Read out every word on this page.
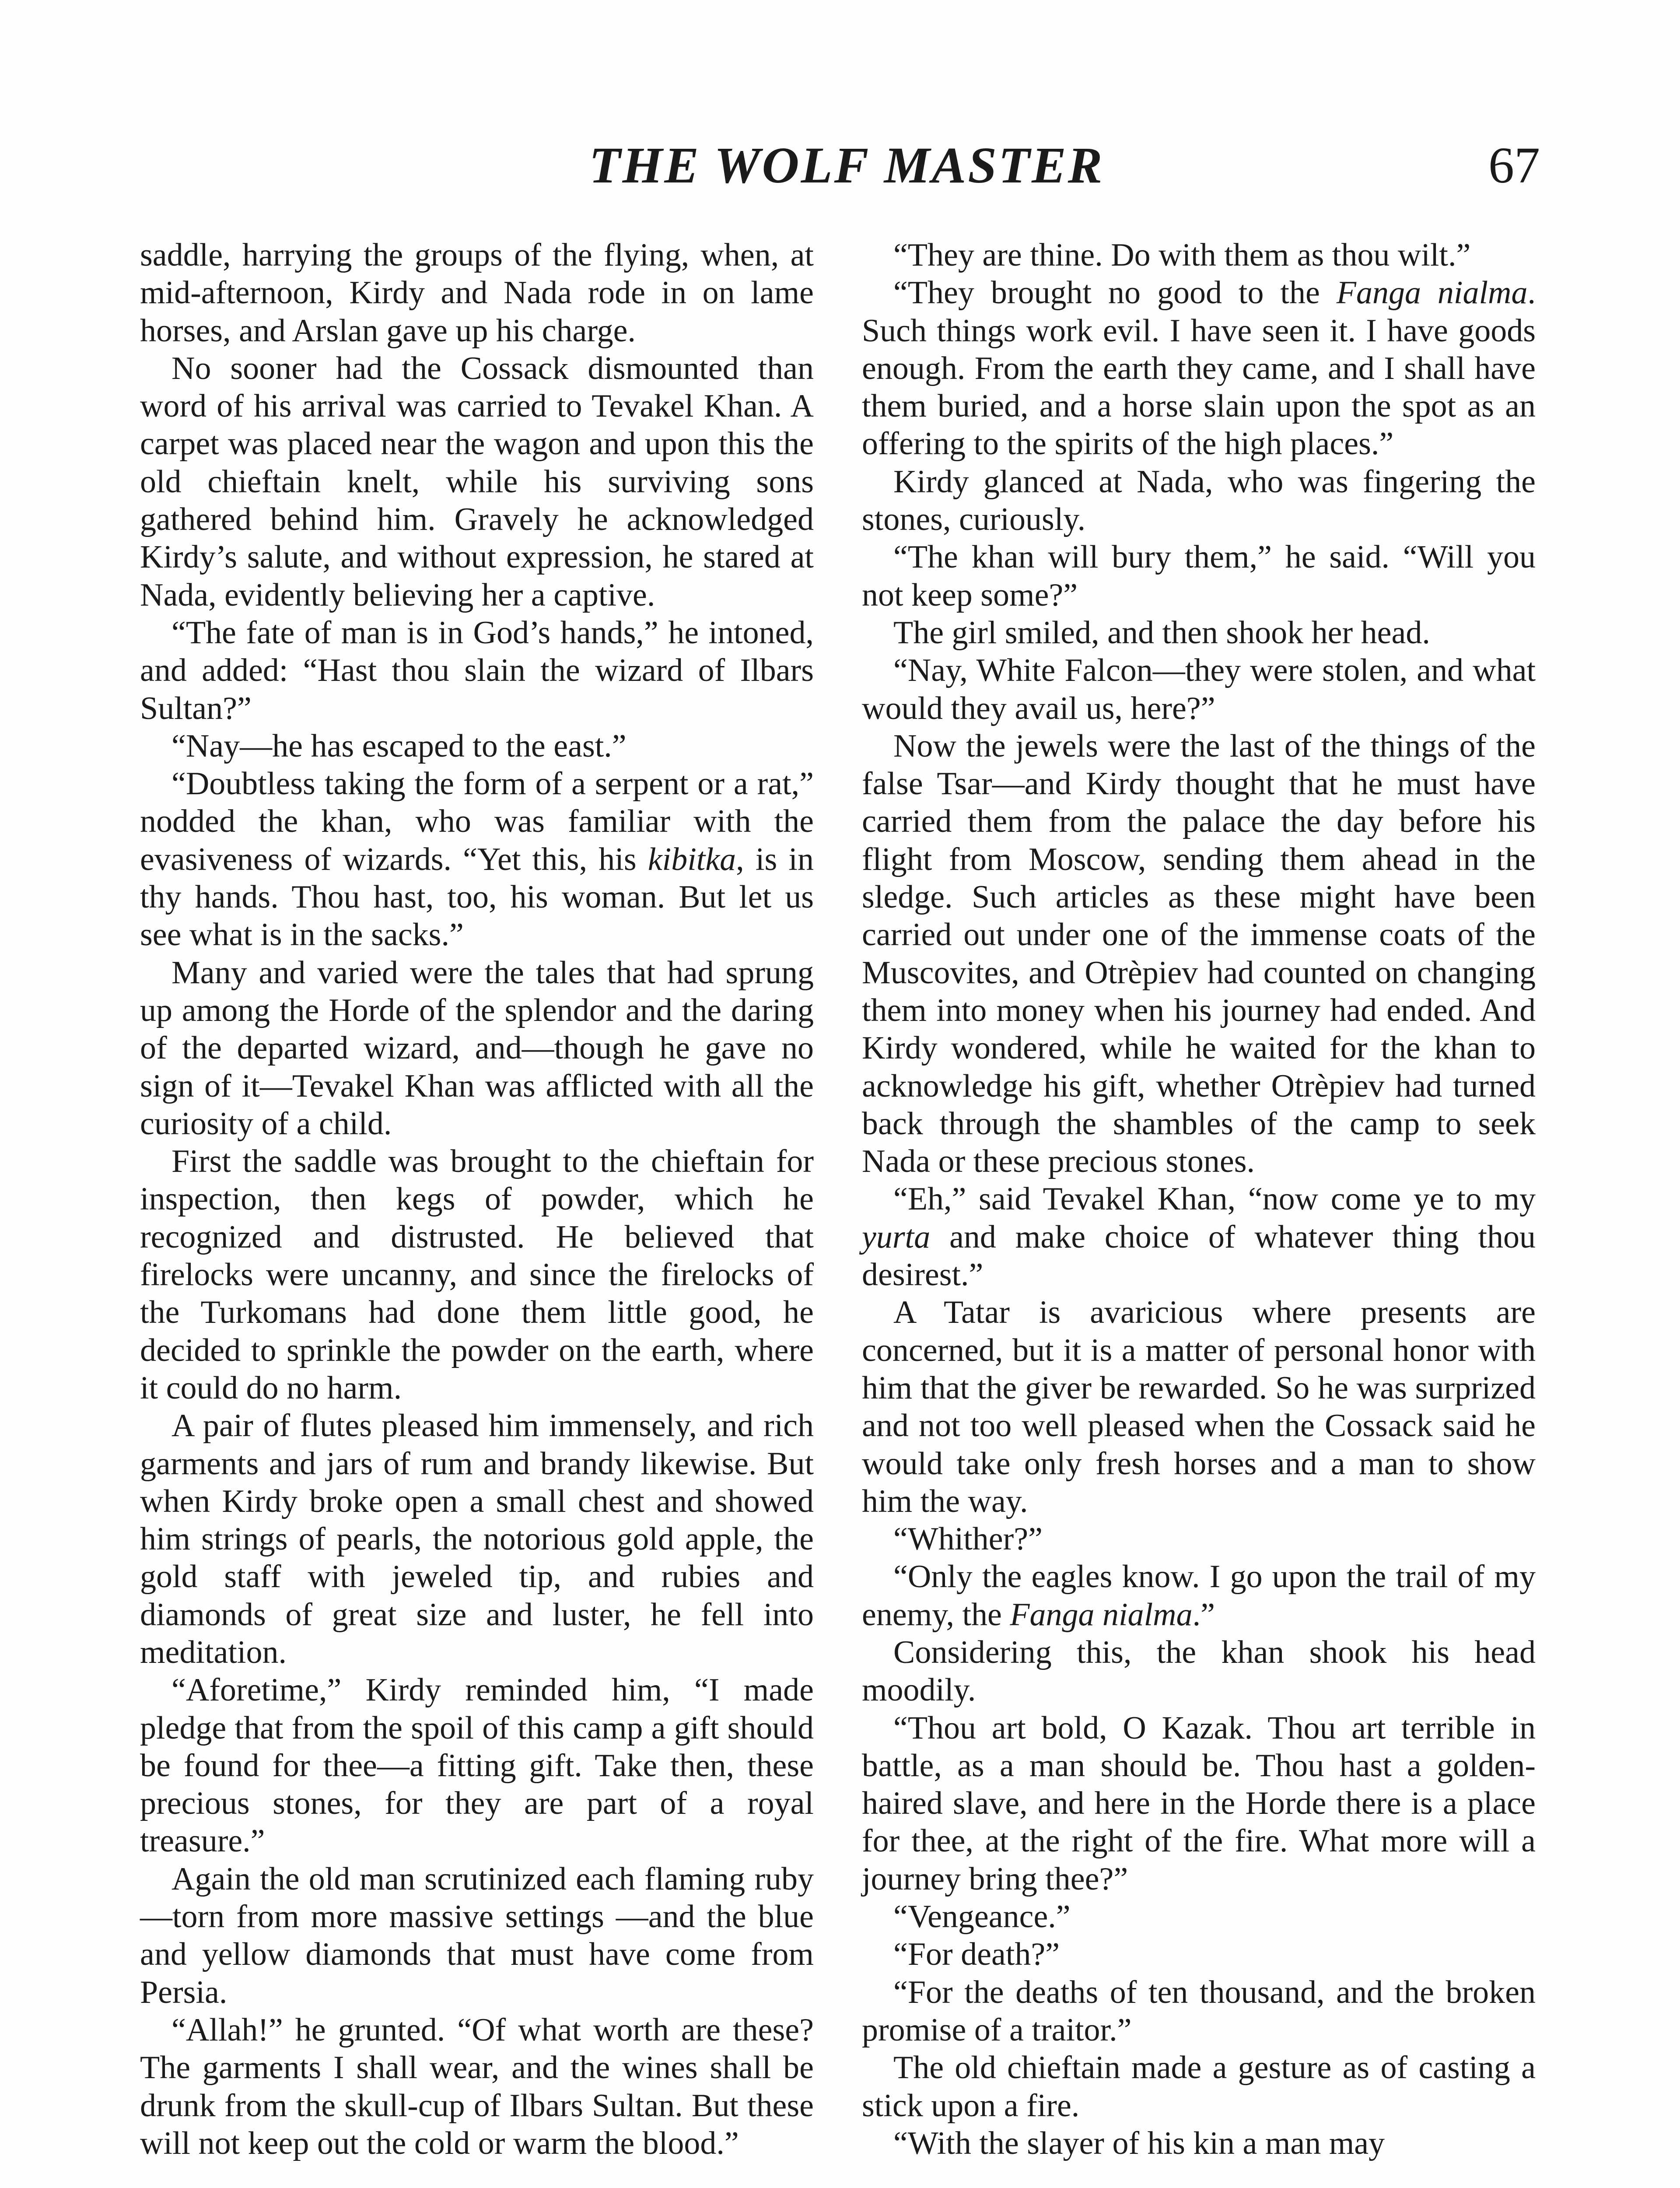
THE WOLF MASTER	67

saddle, harrying the groups of the flying, when, at mid-afternoon, Kirdy and Nada rode in on lame horses, and Arslan gave up his charge.

No sooner had the Cossack dismounted than word of his arrival was carried to Tevakel Khan. A carpet was placed near the wagon and upon this the old chieftain knelt, while his surviving sons gathered behind him. Gravely he acknowledged Kirdy’s salute, and without expression, he stared at Nada, evidently believing her a captive.

“The fate of man is in God’s hands,” he intoned, and added: “Hast thou slain the wizard of Ilbars Sultan?”

“Nay—he has escaped to the east.”

“Doubtless taking the form of a serpent or a rat,” nodded the khan, who was familiar with the evasiveness of wizards. “Yet this, his kibitka, is in thy hands. Thou hast, too, his woman. But let us see what is in the sacks.”

Many and varied were the tales that had sprung up among the Horde of the splendor and the daring of the departed wizard, and—though he gave no sign of it—Tevakel Khan was afflicted with all the curiosity of a child.

First the saddle was brought to the chieftain for inspection, then kegs of powder, which he recognized and distrusted. He believed that firelocks were uncanny, and since the firelocks of the Turkomans had done them little good, he decided to sprinkle the powder on the earth, where it could do no harm.

A pair of flutes pleased him immensely, and rich garments and jars of rum and brandy likewise. But when Kirdy broke open a small chest and showed him strings of pearls, the notorious gold apple, the gold staff with jeweled tip, and rubies and diamonds of great size and luster, he fell into meditation.

“Aforetime,” Kirdy reminded him, “I made pledge that from the spoil of this camp a gift should be found for thee—a fitting gift. Take then, these precious stones, for they are part of a royal treasure.”

Again the old man scrutinized each flaming ruby—torn from more massive settings —and the blue and yellow diamonds that must have come from Persia.

“Allah!” he grunted. “Of what worth are these? The garments I shall wear, and the wines shall be drunk from the skull-cup of Ilbars Sultan. But these will not keep out the cold or warm the blood.”

“They are thine. Do with them as thou wilt.”

“They brought no good to the Fanga nialma. Such things work evil. I have seen it. I have goods enough. From the earth they came, and I shall have them buried, and a horse slain upon the spot as an offering to the spirits of the high places.”

Kirdy glanced at Nada, who was fingering the stones, curiously.

“The khan will bury them,” he said. “Will you not keep some?”

The girl smiled, and then shook her head.

“Nay, White Falcon—they were stolen, and what would they avail us, here?”

Now the jewels were the last of the things of the false Tsar—and Kirdy thought that he must have carried them from the palace the day before his flight from Moscow, sending them ahead in the sledge. Such articles as these might have been carried out under one of the immense coats of the Muscovites, and Otrèpiev had counted on changing them into money when his journey had ended. And Kirdy wondered, while he waited for the khan to acknowledge his gift, whether Otrèpiev had turned back through the shambles of the camp to seek Nada or these precious stones.

“Eh,” said Tevakel Khan, “now come ye to my yurta and make choice of whatever thing thou desirest.”

A Tatar is avaricious where presents are concerned, but it is a matter of personal honor with him that the giver be rewarded. So he was surprized and not too well pleased when the Cossack said he would take only fresh horses and a man to show him the way.

“Whither?”

“Only the eagles know. I go upon the trail of my enemy, the Fanga nialma.”

Considering this, the khan shook his head moodily.

“Thou art bold, O Kazak. Thou art terrible in battle, as a man should be. Thou hast a golden-haired slave, and here in the Horde there is a place for thee, at the right of the fire. What more will a journey bring thee?”

“Vengeance.”

“For death?”

“For the deaths of ten thousand, and the broken promise of a traitor.”

The old chieftain made a gesture as of casting a stick upon a fire.

“With the slayer of his kin a man may
